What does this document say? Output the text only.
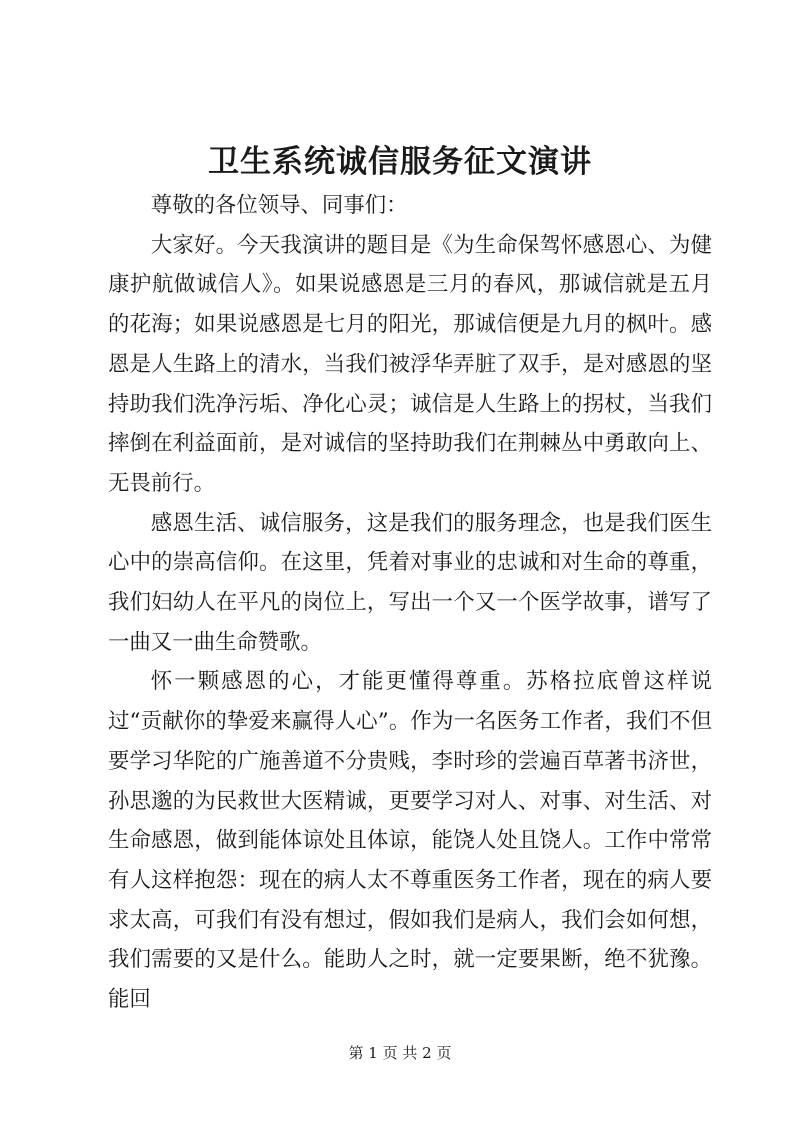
卫生系统诚信服务征文演讲

尊敬的各位领导、同事们：

大家好。今天我演讲的题目是《为生命保驾怀感恩心、为健康护航做诚信人》。如果说感恩是三月的春风，那诚信就是五月的花海；如果说感恩是七月的阳光，那诚信便是九月的枫叶。感恩是人生路上的清水，当我们被浮华弄脏了双手，是对感恩的坚持助我们洗净污垢、净化心灵；诚信是人生路上的拐杖，当我们摔倒在利益面前，是对诚信的坚持助我们在荆棘丛中勇敢向上、无畏前行。

感恩生活、诚信服务，这是我们的服务理念，也是我们医生心中的崇高信仰。在这里，凭着对事业的忠诚和对生命的尊重，我们妇幼人在平凡的岗位上，写出一个又一个医学故事，谱写了一曲又一曲生命赞歌。

怀一颗感恩的心，才能更懂得尊重。苏格拉底曾这样说过“贡献你的挚爱来赢得人心”。作为一名医务工作者，我们不但要学习华陀的广施善道不分贵贱，李时珍的尝遍百草著书济世，孙思邈的为民救世大医精诚，更要学习对人、对事、对生活、对生命感恩，做到能体谅处且体谅，能饶人处且饶人。工作中常常有人这样抱怨：现在的病人太不尊重医务工作者，现在的病人要求太高，可我们有没有想过，假如我们是病人，我们会如何想，我们需要的又是什么。能助人之时，就一定要果断，绝不犹豫。能回

第 1 页 共 2 页
